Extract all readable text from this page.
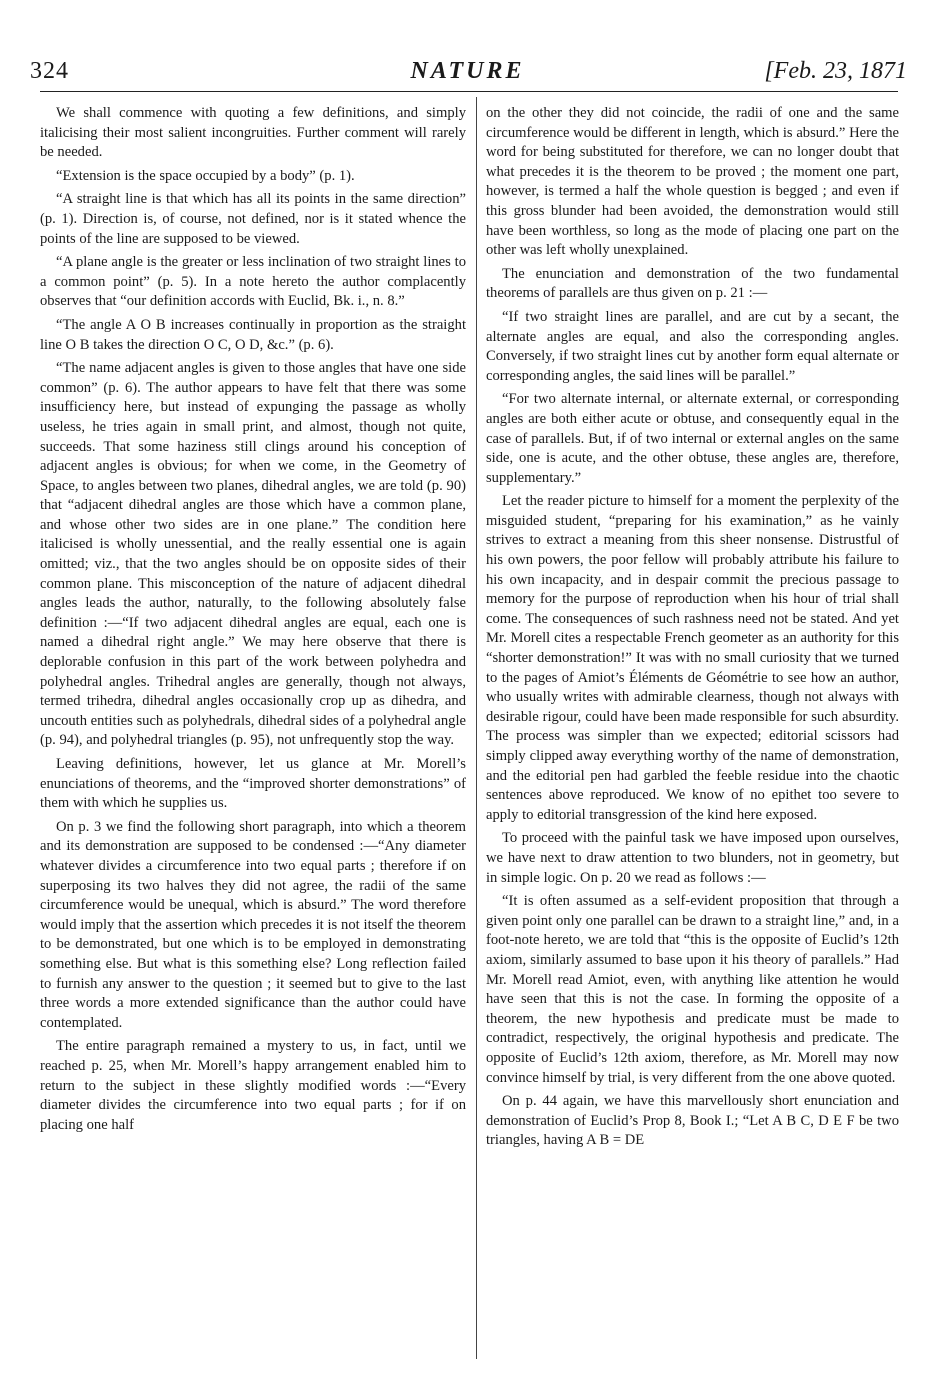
324	NATURE	[Feb. 23, 1871

We shall commence with quoting a few definitions, and simply italicising their most salient incongruities. Further comment will rarely be needed.

“Extension is the space occupied by a body” (p. 1).

“A straight line is that which has all its points in the same direction” (p. 1). Direction is, of course, not defined, nor is it stated whence the points of the line are supposed to be viewed.

“A plane angle is the greater or less inclination of two straight lines to a common point” (p. 5). In a note hereto the author complacently observes that “our definition accords with Euclid, Bk. i., n. 8.”

“The angle A O B increases continually in proportion as the straight line O B takes the direction O C, O D, &c.” (p. 6).

“The name adjacent angles is given to those angles that have one side common” (p. 6). The author appears to have felt that there was some insufficiency here, but instead of expunging the passage as wholly useless, he tries again in small print, and almost, though not quite, succeeds. That some haziness still clings around his conception of adjacent angles is obvious; for when we come, in the Geometry of Space, to angles between two planes, dihedral angles, we are told (p. 90) that “adjacent dihedral angles are those which have a common plane, and whose other two sides are in one plane.” The condition here italicised is wholly unessential, and the really essential one is again omitted; viz., that the two angles should be on opposite sides of their common plane. This misconception of the nature of adjacent dihedral angles leads the author, naturally, to the following absolutely false definition :—“If two adjacent dihedral angles are equal, each one is named a dihedral right angle.” We may here observe that there is deplorable confusion in this part of the work between polyhedra and polyhedral angles. Trihedral angles are generally, though not always, termed trihedra, dihedral angles occasionally crop up as dihedra, and uncouth entities such as polyhedrals, dihedral sides of a polyhedral angle (p. 94), and polyhedral triangles (p. 95), not unfrequently stop the way.

Leaving definitions, however, let us glance at Mr. Morell’s enunciations of theorems, and the “improved shorter demonstrations” of them with which he supplies us.

On p. 3 we find the following short paragraph, into which a theorem and its demonstration are supposed to be condensed :—“Any diameter whatever divides a circumference into two equal parts ; therefore if on superposing its two halves they did not agree, the radii of the same circumference would be unequal, which is absurd.” The word therefore would imply that the assertion which precedes it is not itself the theorem to be demonstrated, but one which is to be employed in demonstrating something else. But what is this something else? Long reflection failed to furnish any answer to the question ; it seemed but to give to the last three words a more extended significance than the author could have contemplated.

The entire paragraph remained a mystery to us, in fact, until we reached p. 25, when Mr. Morell’s happy arrangement enabled him to return to the subject in these slightly modified words :—“Every diameter divides the circumference into two equal parts ; for if on placing one half

on the other they did not coincide, the radii of one and the same circumference would be different in length, which is absurd.” Here the word for being substituted for therefore, we can no longer doubt that what precedes it is the theorem to be proved ; the moment one part, however, is termed a half the whole question is begged ; and even if this gross blunder had been avoided, the demonstration would still have been worthless, so long as the mode of placing one part on the other was left wholly unexplained.

The enunciation and demonstration of the two fundamental theorems of parallels are thus given on p. 21 :—

“If two straight lines are parallel, and are cut by a secant, the alternate angles are equal, and also the corresponding angles. Conversely, if two straight lines cut by another form equal alternate or corresponding angles, the said lines will be parallel.”

“For two alternate internal, or alternate external, or corresponding angles are both either acute or obtuse, and consequently equal in the case of parallels. But, if of two internal or external angles on the same side, one is acute, and the other obtuse, these angles are, therefore, supplementary.”

Let the reader picture to himself for a moment the perplexity of the misguided student, “preparing for his examination,” as he vainly strives to extract a meaning from this sheer nonsense. Distrustful of his own powers, the poor fellow will probably attribute his failure to his own incapacity, and in despair commit the precious passage to memory for the purpose of reproduction when his hour of trial shall come. The consequences of such rashness need not be stated. And yet Mr. Morell cites a respectable French geometer as an authority for this “shorter demonstration!” It was with no small curiosity that we turned to the pages of Amiot’s Éléments de Géométrie to see how an author, who usually writes with admirable clearness, though not always with desirable rigour, could have been made responsible for such absurdity. The process was simpler than we expected; editorial scissors had simply clipped away everything worthy of the name of demonstration, and the editorial pen had garbled the feeble residue into the chaotic sentences above reproduced. We know of no epithet too severe to apply to editorial transgression of the kind here exposed.

To proceed with the painful task we have imposed upon ourselves, we have next to draw attention to two blunders, not in geometry, but in simple logic. On p. 20 we read as follows :—

“It is often assumed as a self-evident proposition that through a given point only one parallel can be drawn to a straight line,” and, in a foot-note hereto, we are told that “this is the opposite of Euclid’s 12th axiom, similarly assumed to base upon it his theory of parallels.” Had Mr. Morell read Amiot, even, with anything like attention he would have seen that this is not the case. In forming the opposite of a theorem, the new hypothesis and predicate must be made to contradict, respectively, the original hypothesis and predicate. The opposite of Euclid’s 12th axiom, therefore, as Mr. Morell may now convince himself by trial, is very different from the one above quoted.

On p. 44 again, we have this marvellously short enunciation and demonstration of Euclid’s Prop 8, Book I.; “Let A B C, D E F be two triangles, having A B = DE
